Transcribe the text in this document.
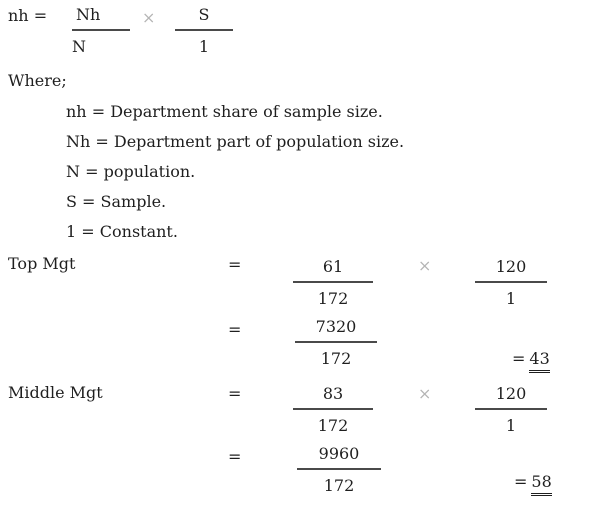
nh = $\frac{Nh}{N} \times \frac{S}{1}$
Where;
nh = Department share of sample size.
Nh = Department part of population size.
N = population.
S = Sample.
1 = Constant.
Top Mgt	=	$\frac{61}{172}$	×	$\frac{120}{1}$
=	$\frac{7320}{172}$	= 43
Middle Mgt	=	$\frac{83}{172}$	×	$\frac{120}{1}$
=	$\frac{9960}{172}$	= 58
